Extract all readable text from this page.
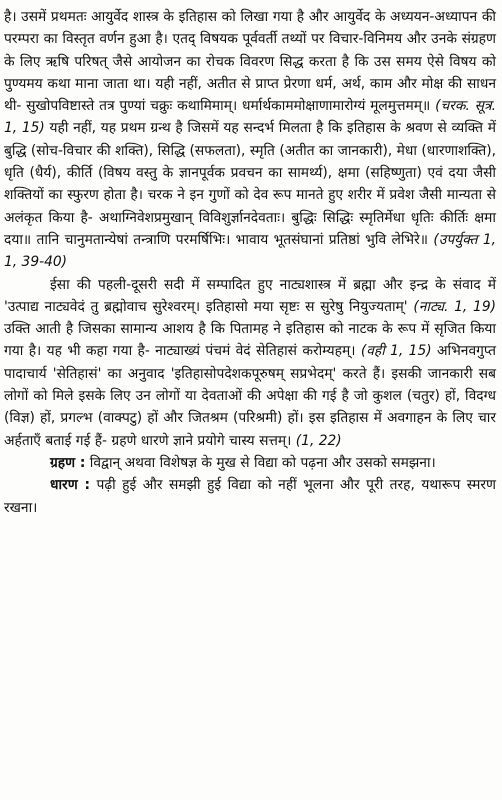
है। उसमें प्रथमतः आयुर्वेद शास्त्र के इतिहास को लिखा गया है और आयुर्वेद के अध्ययन-अध्यापन की परम्परा का विस्तृत वर्णन हुआ है। एतद् विषयक पूर्ववर्ती तथ्यों पर विचार-विनिमय और उनके संग्रहण के लिए ऋषि परिषत् जैसे आयोजन का रोचक विवरण सिद्ध करता है कि उस समय ऐसे विषय को पुण्यमय कथा माना जाता था। यही नहीं, अतीत से प्राप्त प्रेरणा धर्म, अर्थ, काम और मोक्ष की साधन थी- सुखोपविष्टास्ते तत्र पुण्यां चक्रुः कथामिमाम्। धर्मार्थकाममोक्षाणामारोग्यं मूलमुत्तमम्॥ (चरक. सूत्र. 1, 15) यही नहीं, यह प्रथम ग्रन्थ है जिसमें यह सन्दर्भ मिलता है कि इतिहास के श्रवण से व्यक्ति में बुद्धि (सोच-विचार की शक्ति), सिद्धि (सफलता), स्मृति (अतीत का जानकारी), मेधा (धारणाशक्ति), धृति (धैर्य), कीर्ति (विषय वस्तु के ज्ञानपूर्वक प्रवचन का सामर्थ्य), क्षमा (सहिष्णुता) एवं दया जैसी शक्तियों का स्फुरण होता है। चरक ने इन गुणों को देव रूप मानते हुए शरीर में प्रवेश जैसी मान्यता से अलंकृत किया है- अथाग्निवेशप्रमुखान् विविशुर्ज्ञानदेवताः। बुद्धिः सिद्धिः स्मृतिर्मेधा धृतिः कीर्तिः क्षमा दया॥ तानि चानुमतान्येषां तन्त्राणि परमर्षिभिः। भावाय भूतसंघानां प्रतिष्ठां भुवि लेभिरे॥ (उपर्युक्त 1, 1, 39-40)

ईसा की पहली-दूसरी सदी में सम्पादित हुए नाट्यशास्त्र में ब्रह्मा और इन्द्र के संवाद में 'उत्पाद्य नाट्यवेदं तु ब्रह्मोवाच सुरेश्वरम्। इतिहासो मया सृष्टः स सुरेषु नियुज्यताम्' (नाट्य. 1, 19) उक्ति आती है जिसका सामान्य आशय है कि पितामह ने इतिहास को नाटक के रूप में सृजित किया गया है। यह भी कहा गया है- नाट्याख्यं पंचमं वेदं सेतिहासं करोम्यहम्। (वही 1, 15) अभिनवगुप्त पादाचार्य 'सेतिहासं' का अनुवाद 'इतिहासोपदेशकपूरुषम् सप्रभेदम्' करते हैं। इसकी जानकारी सब लोगों को मिले इसके लिए उन लोगों या देवताओं की अपेक्षा की गई है जो कुशल (चतुर) हों, विदग्ध (विज्ञ) हों, प्रगल्भ (वाक्पटु) हों और जितश्रम (परिश्रमी) हों। इस इतिहास में अवगाहन के लिए चार अर्हताएँ बताई गई हैं- ग्रहणे धारणे ज्ञाने प्रयोगे चास्य सत्तम्। (1, 22)

ग्रहण : विद्वान् अथवा विशेषज्ञ के मुख से विद्या को पढ़ना और उसको समझना।

धारण : पढ़ी हुई और समझी हुई विद्या को नहीं भूलना और पूरी तरह, यथारूप स्मरण रखना।
